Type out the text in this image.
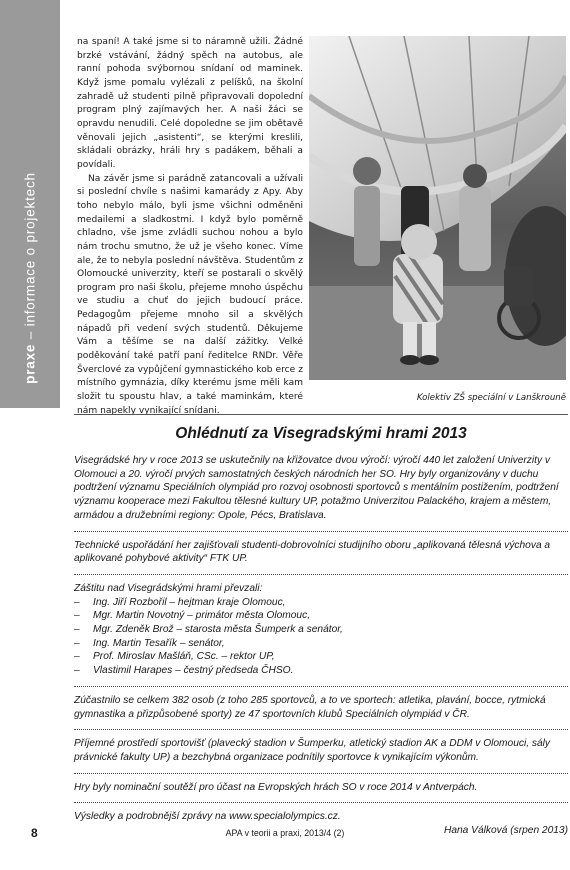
praxe – informace o projektech

na spaní! A také jsme si to náramně užili. Žádné brzké vstávání, žádný spěch na autobus, ale ranní pohoda svýbornou snídaní od maminek. Když jsme pomalu vylézali z pelíšků, na školní zahradě už studenti pilně připravovali dopolední program plný zajímavých her. A naši žáci se opravdu nenudili. Celé dopoledne se jim obětavě věnovali jejich „asistenti“, se kterými kreslili, skládali obrázky, hráli hry s padákem, běhali a povídali.

Na závěr jsme si parádně zatancovali a užívali si poslední chvíle s našimi kamarády z Apy. Aby toho nebylo málo, byli jsme všichni odměněni medailemi a sladkostmi. I když bylo poměrně chladno, vše jsme zvládli suchou nohou a bylo nám trochu smutno, že už je všeho konec. Víme ale, že to nebyla poslední návštěva. Studentům z Olomoucké univerzity, kteří se postarali o skvělý program pro naši školu, přejeme mnoho úspěchu ve studiu a chuť do jejich budoucí práce. Pedagogům přejeme mnoho sil a skvělých nápadů při vedení svých studentů. Děkujeme Vám a těšíme se na další zážitky. Velké poděkování také patří paní ředitelce RNDr. Věře Šverclové za vypůjčení gymnastického kob erce z místního gymnázia, díky kterému jsme měli kam složit tu spoustu hlav, a také maminkám, které nám napekly vynikající snídani.

Kolektiv ZŠ speciální v Lanškrouně
Ohlédnutí za Visegradskými hrami 2013

Visegrádské hry v roce 2013 se uskutečnily na křižovatce dvou výročí: výročí 440 let založení Univerzity v Olomouci a 20. výročí prvých samostatných českých národních her SO. Hry byly organizovány v duchu podtržení významu Speciálních olympiád pro rozvoj osobnosti sportovců s mentálním postižením, podtržení významu kooperace mezi Fakultou tělesné kultury UP, potažmo Univerzitou Palackého, krajem a městem, armádou a družebními regiony: Opole, Pécs, Bratislava.

Technické uspořádání her zajišťovali studenti-dobrovolníci studijního oboru „aplikovaná tělesná výchova a aplikované pohybové aktivity“ FTK UP.

Záštitu nad Visegrádskými hrami převzali:

– Ing. Jiří Rozbořil – hejtman kraje Olomouc,
– Mgr. Martin Novotný – primátor města Olomouc,
– Mgr. Zdeněk Brož – starosta města Šumperk a senátor,
– Ing. Martin Tesařík – senátor,
– Prof. Miroslav Mašláň, CSc. – rektor UP,
– Vlastimil Harapes – čestný předseda ČHSO.

Zúčastnilo se celkem 382 osob (z toho 285 sportovců, a to ve sportech: atletika, plavání, bocce, rytmická gymnastika a přizpůsobené sporty) ze 47 sportovních klubů Speciálních olympiád v ČR.

Příjemné prostředí sportovišť (plavecký stadion v Šumperku, atletický stadion AK a DDM v Olomouci, sály právnické fakulty UP) a bezchybná organizace podnítily sportovce k vynikajícím výkonům.

Hry byly nominační soutěží pro účast na Evropských hrách SO v roce 2014 v Antverpách.

Výsledky a podrobnější zprávy na www.specialolympics.cz.

Hana Válková (srpen 2013)

8	APA v teorii a praxi, 2013/4 (2)
